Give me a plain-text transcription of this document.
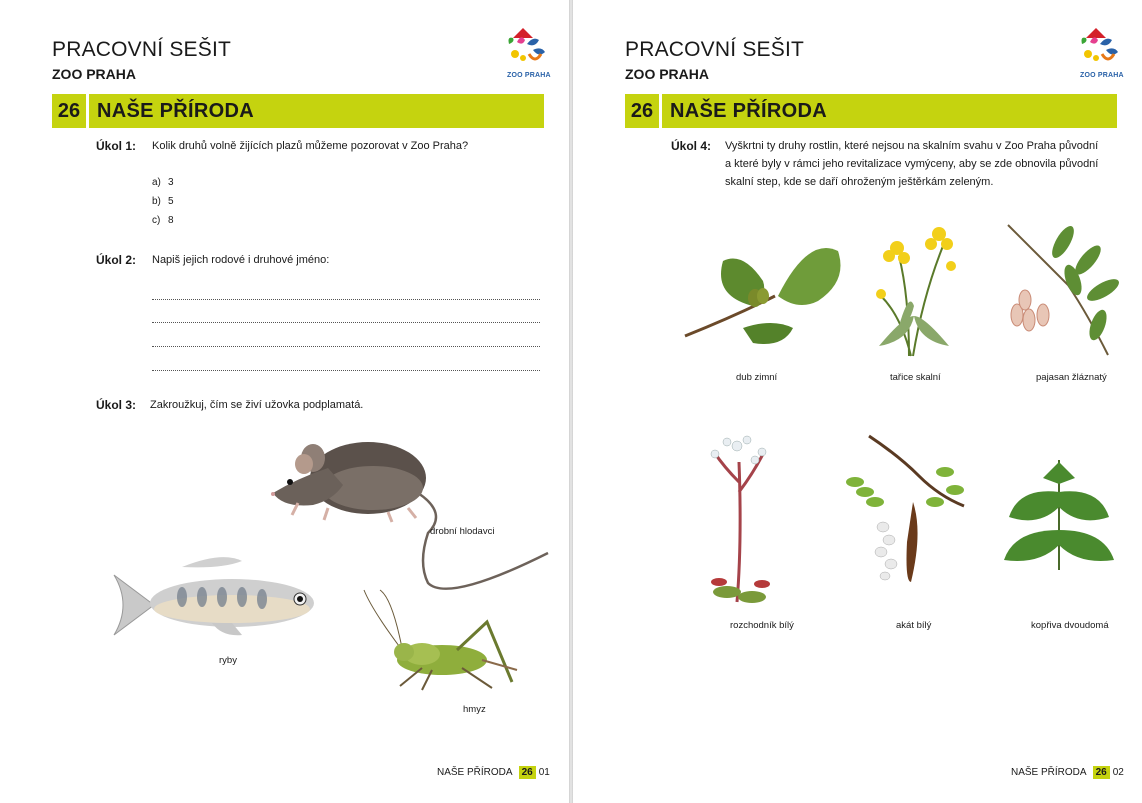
PRACOVNÍ SEŠIT
ZOO PRAHA	ZOO PRAHA
26 NAŠE PŘÍRODA
Úkol 1: Kolik druhů volně žijících plazů můžeme pozorovat v Zoo Praha?
a) 3
b) 5
c) 8
Úkol 2: Napiš jejich rodové i druhové jméno:
Úkol 3: Zakroužkuj, čím se živí užovka podplamatá.
drobní hlodavci
ryby
hmyz
NAŠE PŘÍRODA 26 01
PRACOVNÍ SEŠIT
ZOO PRAHA	ZOO PRAHA
26 NAŠE PŘÍRODA
Úkol 4: Vyškrtni ty druhy rostlin, které nejsou na skalním svahu v Zoo Praha původní
a které byly v rámci jeho revitalizace vymýceny, aby se zde obnovila původní
skalní step, kde se daří ohroženým ještěrkám zeleným.
dub zimní	tařice skalní	pajasan žláznatý
rozchodník bílý	akát bílý	kopřiva dvoudomá
NAŠE PŘÍRODA 26 02
